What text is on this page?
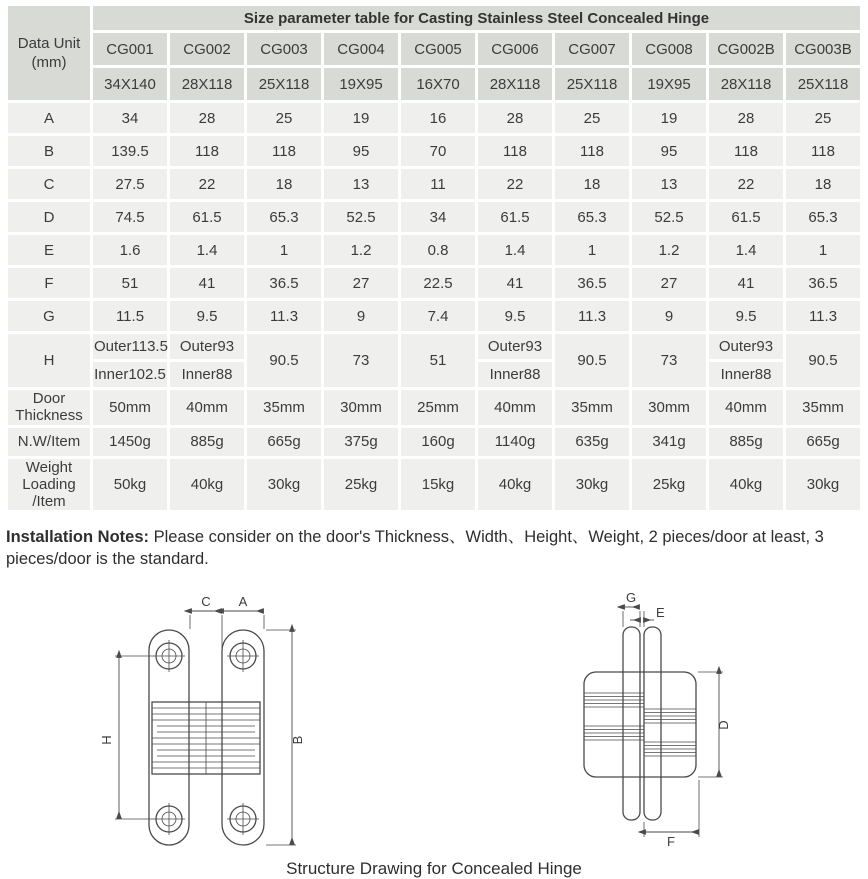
Data Unit
(mm)	Size parameter table for Casting Stainless Steel Concealed Hinge									
	CG001	CG002	CG003	CG004	CG005	CG006	CG007	CG008	CG002B	CG003B
	34X140	28X118	25X118	19X95	16X70	28X118	25X118	19X95	28X118	25X118
A	34	28	25	19	16	28	25	19	28	25
B	139.5	118	118	95	70	118	118	95	118	118
C	27.5	22	18	13	11	22	18	13	22	18
D	74.5	61.5	65.3	52.5	34	61.5	65.3	52.5	61.5	65.3
E	1.6	1.4	1	1.2	0.8	1.4	1	1.2	1.4	1
F	51	41	36.5	27	22.5	41	36.5	27	41	36.5
G	11.5	9.5	11.3	9	7.4	9.5	11.3	9	9.5	11.3
H	Outer113.5	Outer93	90.5	73	51	Outer93	90.5	73	Outer93	90.5
	Inner102.5	Inner88				Inner88			Inner88	
Door Thickness	50mm	40mm	35mm	30mm	25mm	40mm	35mm	30mm	40mm	35mm
N.W/Item	1450g	885g	665g	375g	160g	1140g	635g	341g	885g	665g

Weight Loading
/Item	50kg	40kg	30kg	25kg	15kg	40kg	30kg	25kg	40kg	30kg
Installation Notes: Please consider on the door's Thickness、Width、Height、Weight, 2 pieces/door at least, 3 pieces/door is the standard.
C A
H	B
G
E
D
F
Structure Drawing for Concealed Hinge
